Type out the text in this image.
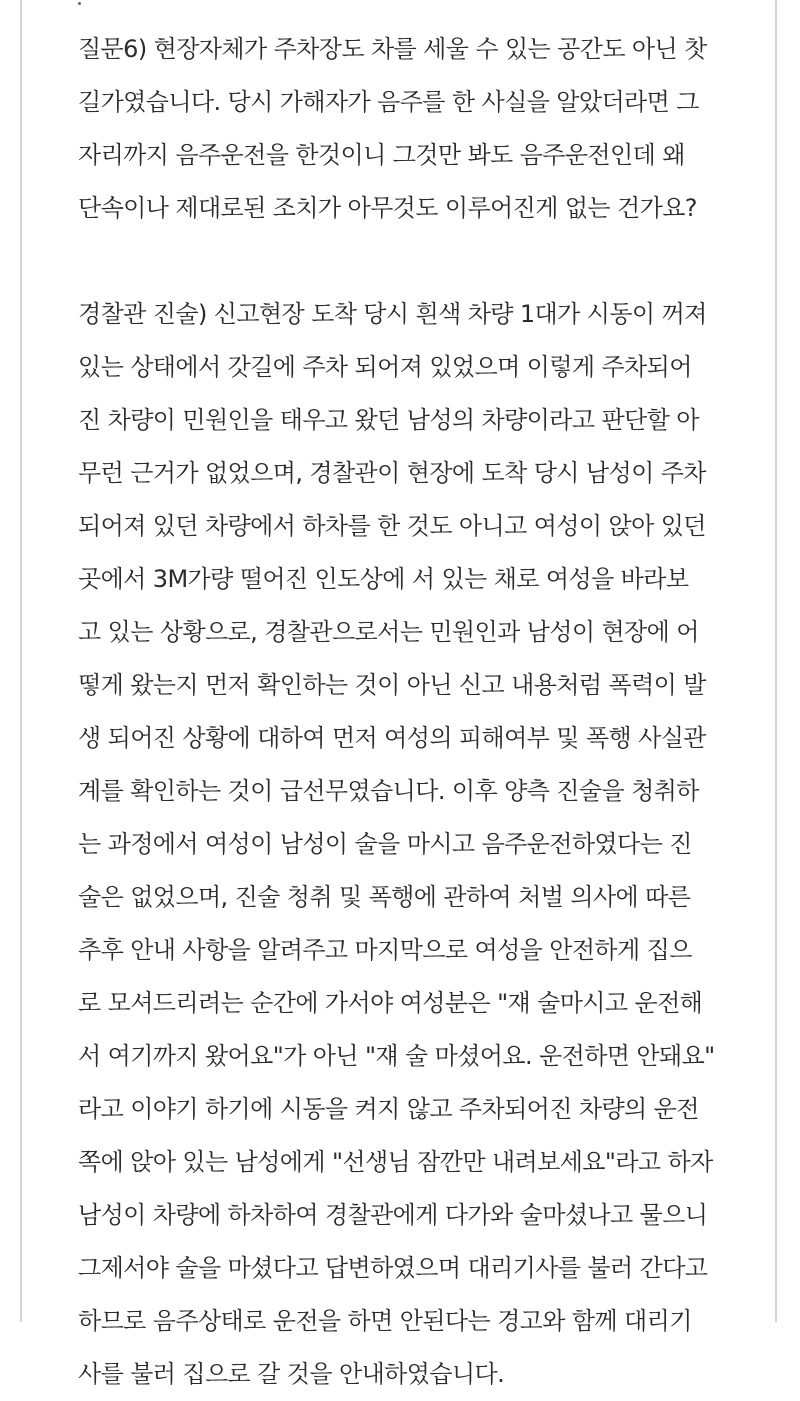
질문6) 현장자체가 주차장도 차를 세울 수 있는 공간도 아닌 찻
길가였습니다. 당시 가해자가 음주를 한 사실을 알았더라면 그
자리까지 음주운전을 한것이니 그것만 봐도 음주운전인데 왜
단속이나 제대로된 조치가 아무것도 이루어진게 없는 건가요?
경찰관 진술) 신고현장 도착 당시 흰색 차량 1대가 시동이 꺼져
있는 상태에서 갓길에 주차 되어져 있었으며 이렇게 주차되어
진 차량이 민원인을 태우고 왔던 남성의 차량이라고 판단할 아
무런 근거가 없었으며, 경찰관이 현장에 도착 당시 남성이 주차
되어져 있던 차량에서 하차를 한 것도 아니고 여성이 앉아 있던
곳에서 3M가량 떨어진 인도상에 서 있는 채로 여성을 바라보
고 있는 상황으로, 경찰관으로서는 민원인과 남성이 현장에 어
떻게 왔는지 먼저 확인하는 것이 아닌 신고 내용처럼 폭력이 발
생 되어진 상황에 대하여 먼저 여성의 피해여부 및 폭행 사실관
계를 확인하는 것이 급선무였습니다. 이후 양측 진술을 청취하
는 과정에서 여성이 남성이 술을 마시고 음주운전하였다는 진
술은 없었으며, 진술 청취 및 폭행에 관하여 처벌 의사에 따른
추후 안내 사항을 알려주고 마지막으로 여성을 안전하게 집으
로 모셔드리려는 순간에 가서야 여성분은 "쟤 술마시고 운전해
서 여기까지 왔어요"가 아닌 "쟤 술 마셨어요. 운전하면 안돼요"
라고 이야기 하기에 시동을 켜지 않고 주차되어진 차량의 운전
쪽에 앉아 있는 남성에게 "선생님 잠깐만 내려보세요"라고 하자
남성이 차량에 하차하여 경찰관에게 다가와 술마셨나고 물으니
그제서야 술을 마셨다고 답변하였으며 대리기사를 불러 간다고
하므로 음주상태로 운전을 하면 안된다는 경고와 함께 대리기
사를 불러 집으로 갈 것을 안내하였습니다.
